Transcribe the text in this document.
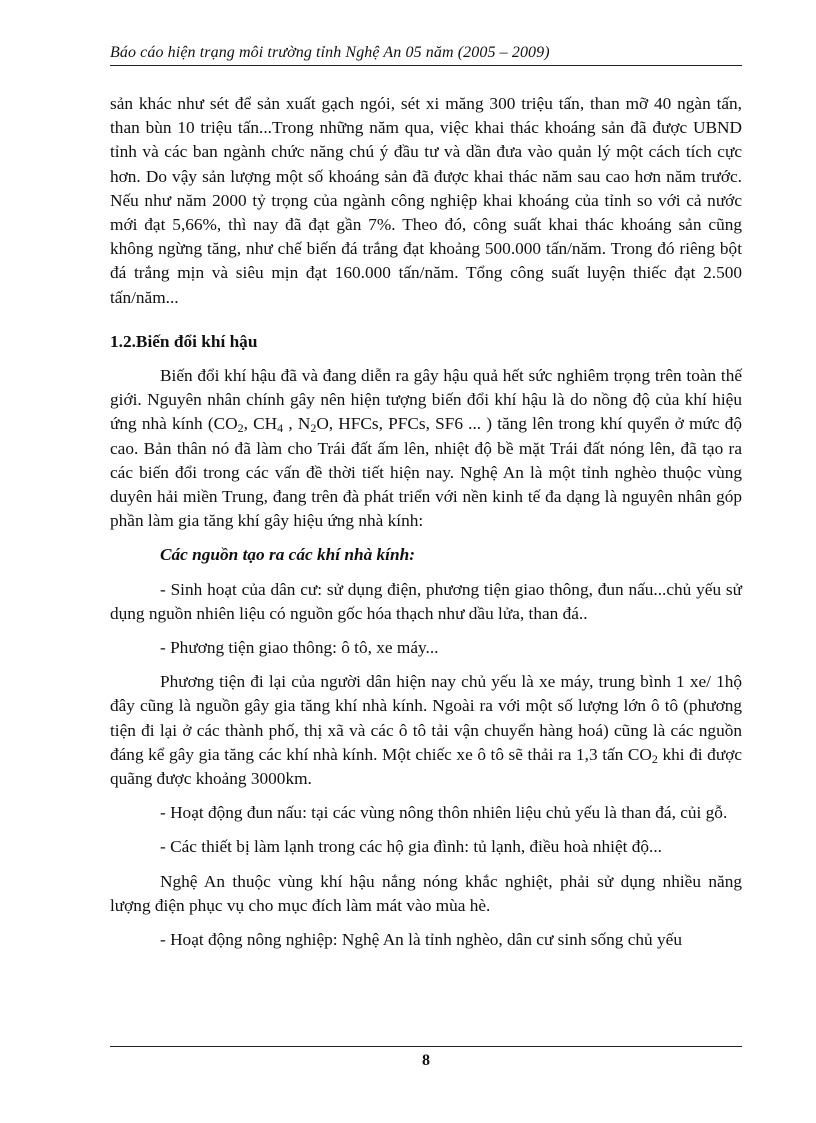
Báo cáo hiện trạng môi trường tỉnh Nghệ An 05 năm (2005 – 2009)

sản khác như sét để sản xuất gạch ngói, sét xi măng 300 triệu tấn, than mỡ 40 ngàn tấn, than bùn 10 triệu tấn...Trong những năm qua, việc khai thác khoáng sản đã được UBND tỉnh và các ban ngành chức năng chú ý đầu tư và dần đưa vào quản lý một cách tích cực hơn. Do vậy sản lượng một số khoáng sản đã được khai thác năm sau cao hơn năm trước. Nếu như năm 2000 tỷ trọng của ngành công nghiệp khai khoáng của tỉnh so với cả nước mới đạt 5,66%, thì nay đã đạt gần 7%. Theo đó, công suất khai thác khoáng sản cũng không ngừng tăng, như chế biến đá trắng đạt khoảng 500.000 tấn/năm. Trong đó riêng bột đá trắng mịn và siêu mịn đạt 160.000 tấn/năm. Tổng công suất luyện thiếc đạt 2.500 tấn/năm...

1.2.Biến đổi khí hậu

Biến đổi khí hậu đã và đang diễn ra gây hậu quả hết sức nghiêm trọng trên toàn thế giới. Nguyên nhân chính gây nên hiện tượng biến đổi khí hậu là do nồng độ của khí hiệu ứng nhà kính ($CO_2$, $CH_4$ , $N_2O$, HFCs, PFCs, SF6 ... ) tăng lên trong khí quyển ở mức độ cao. Bản thân nó đã làm cho Trái đất ấm lên, nhiệt độ bề mặt Trái đất nóng lên, đã tạo ra các biến đổi trong các vấn đề thời tiết hiện nay. Nghệ An là một tỉnh nghèo thuộc vùng duyên hải miền Trung, đang trên đà phát triển với nền kinh tế đa dạng là nguyên nhân góp phần làm gia tăng khí gây hiệu ứng nhà kính:

Các nguồn tạo ra các khí nhà kính:

- Sinh hoạt của dân cư: sử dụng điện, phương tiện giao thông, đun nấu...chủ yếu sử dụng nguồn nhiên liệu có nguồn gốc hóa thạch như dầu lửa, than đá..

- Phương tiện giao thông: ô tô, xe máy...

Phương tiện đi lại của người dân hiện nay chủ yếu là xe máy, trung bình 1 xe/ 1hộ đây cũng là nguồn gây gia tăng khí nhà kính. Ngoài ra với một số lượng lớn ô tô (phương tiện đi lại ở các thành phố, thị xã và các ô tô tải vận chuyển hàng hoá) cũng là các nguồn đáng kể gây gia tăng các khí nhà kính. Một chiếc xe ô tô sẽ thải ra 1,3 tấn $CO_2$ khi đi được quãng được khoảng 3000km.

- Hoạt động đun nấu: tại các vùng nông thôn nhiên liệu chủ yếu là than đá, củi gỗ.

- Các thiết bị làm lạnh trong các hộ gia đình: tủ lạnh, điều hoà nhiệt độ...

Nghệ An thuộc vùng khí hậu nắng nóng khắc nghiệt, phải sử dụng nhiều năng lượng điện phục vụ cho mục đích làm mát vào mùa hè.

- Hoạt động nông nghiệp: Nghệ An là tỉnh nghèo, dân cư sinh sống chủ yếu

8
